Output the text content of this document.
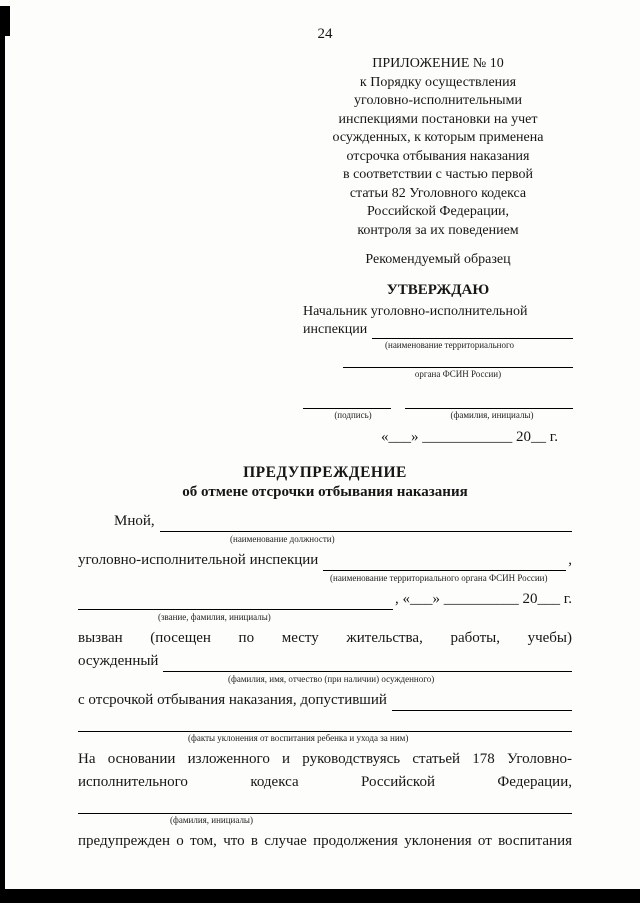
24
ПРИЛОЖЕНИЕ № 10
к Порядку осуществления
уголовно-исполнительными
инспекциями постановки на учет
осужденных, к которым применена
отсрочка отбывания наказания
в соответствии с частью первой
статьи 82 Уголовного кодекса
Российской Федерации,
контроля за их поведением
Рекомендуемый образец
УТВЕРЖДАЮ
Начальник уголовно-исполнительной
инспекции
(наименование территориального
органа ФСИН России)
(подпись)	(фамилия, инициалы)
«___» ____________ 20__ г.
ПРЕДУПРЕЖДЕНИЕ
об отмене отсрочки отбывания наказания
Мной,
(наименование должности)
уголовно-исполнительной инспекции	,
(наименование территориального органа ФСИН России)
, «___» __________ 20___ г.
(звание, фамилия, инициалы)
вызван (посещен по месту жительства, работы, учебы)
осужденный
(фамилия, имя, отчество (при наличии) осужденного)
с отсрочкой отбывания наказания, допустивший
(факты уклонения от воспитания ребенка и ухода за ним)
На основании изложенного и руководствуясь статьей 178 Уголовно-
исполнительного кодекса Российской Федерации,
(фамилия, инициалы)
предупрежден о том, что в случае продолжения уклонения от воспитания
